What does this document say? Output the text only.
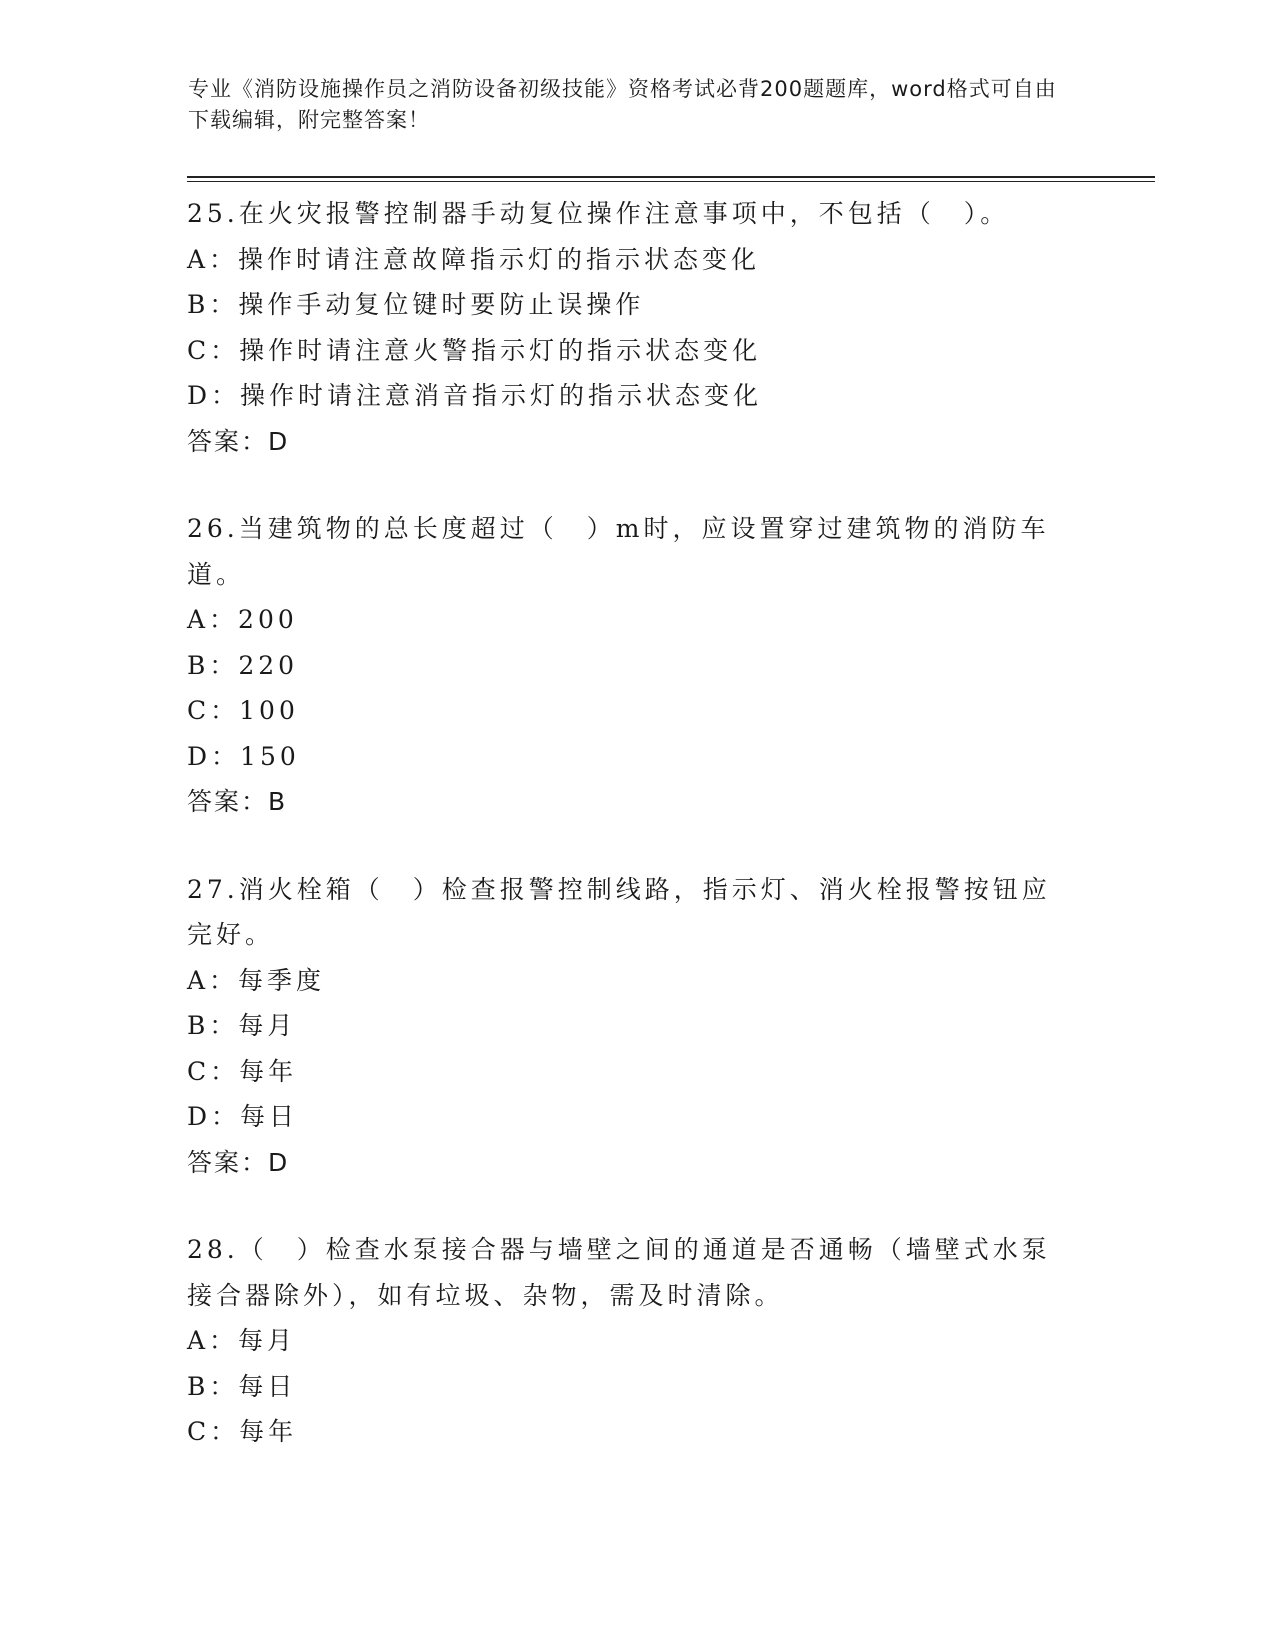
专业《消防设施操作员之消防设备初级技能》资格考试必背200题题库，word格式可自由下载编辑，附完整答案！
25.在火灾报警控制器手动复位操作注意事项中，不包括（　）。
A：操作时请注意故障指示灯的指示状态变化
B：操作手动复位键时要防止误操作
C：操作时请注意火警指示灯的指示状态变化
D：操作时请注意消音指示灯的指示状态变化
答案：D
26.当建筑物的总长度超过（　）m时，应设置穿过建筑物的消防车道。
A：200
B：220
C：100
D：150
答案：B
27.消火栓箱（　）检查报警控制线路，指示灯、消火栓报警按钮应完好。
A：每季度
B：每月
C：每年
D：每日
答案：D
28.（　）检查水泵接合器与墙壁之间的通道是否通畅（墙壁式水泵接合器除外），如有垃圾、杂物，需及时清除。
A：每月
B：每日
C：每年
